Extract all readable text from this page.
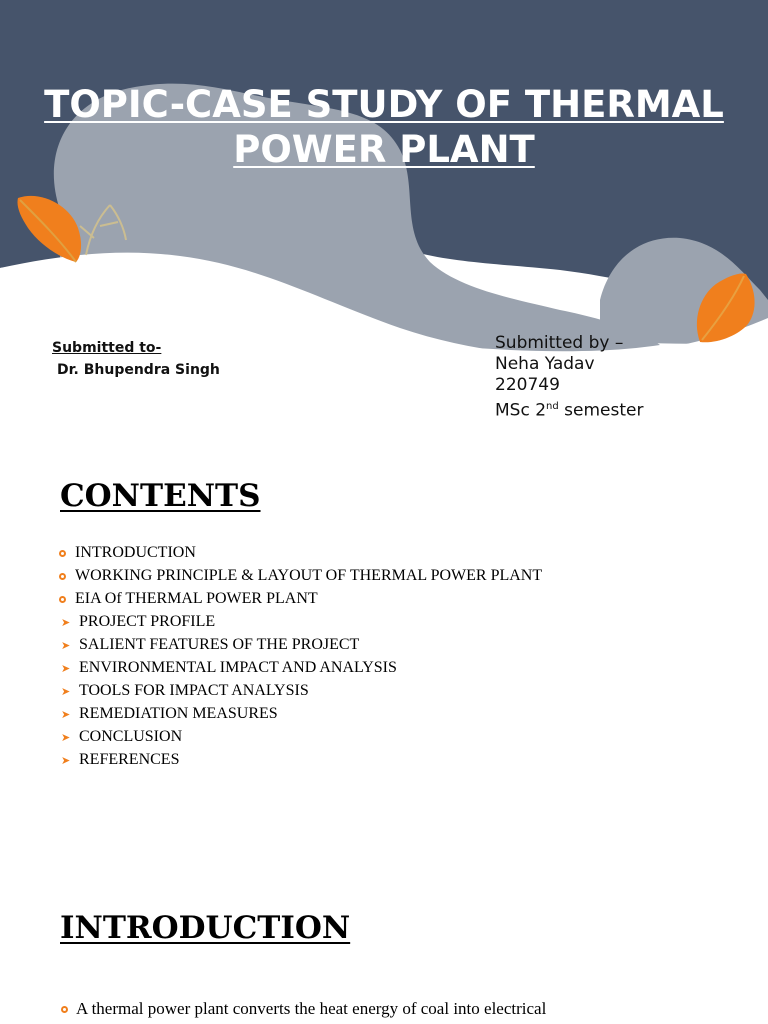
TOPIC-CASE STUDY OF THERMAL
POWER PLANT
Submitted to-
Dr. Bhupendra Singh
Submitted by –
Neha Yadav
220749
MSc 2nd semester
CONTENTS
INTRODUCTION
WORKING PRINCIPLE & LAYOUT OF THERMAL POWER PLANT
EIA Of THERMAL POWER PLANT
➤ PROJECT PROFILE
➤ SALIENT FEATURES OF THE PROJECT
➤ ENVIRONMENTAL IMPACT AND ANALYSIS
➤ TOOLS FOR IMPACT ANALYSIS
➤ REMEDIATION MEASURES
➤ CONCLUSION
➤ REFERENCES
INTRODUCTION
A thermal power plant converts the heat energy of coal into electrical
